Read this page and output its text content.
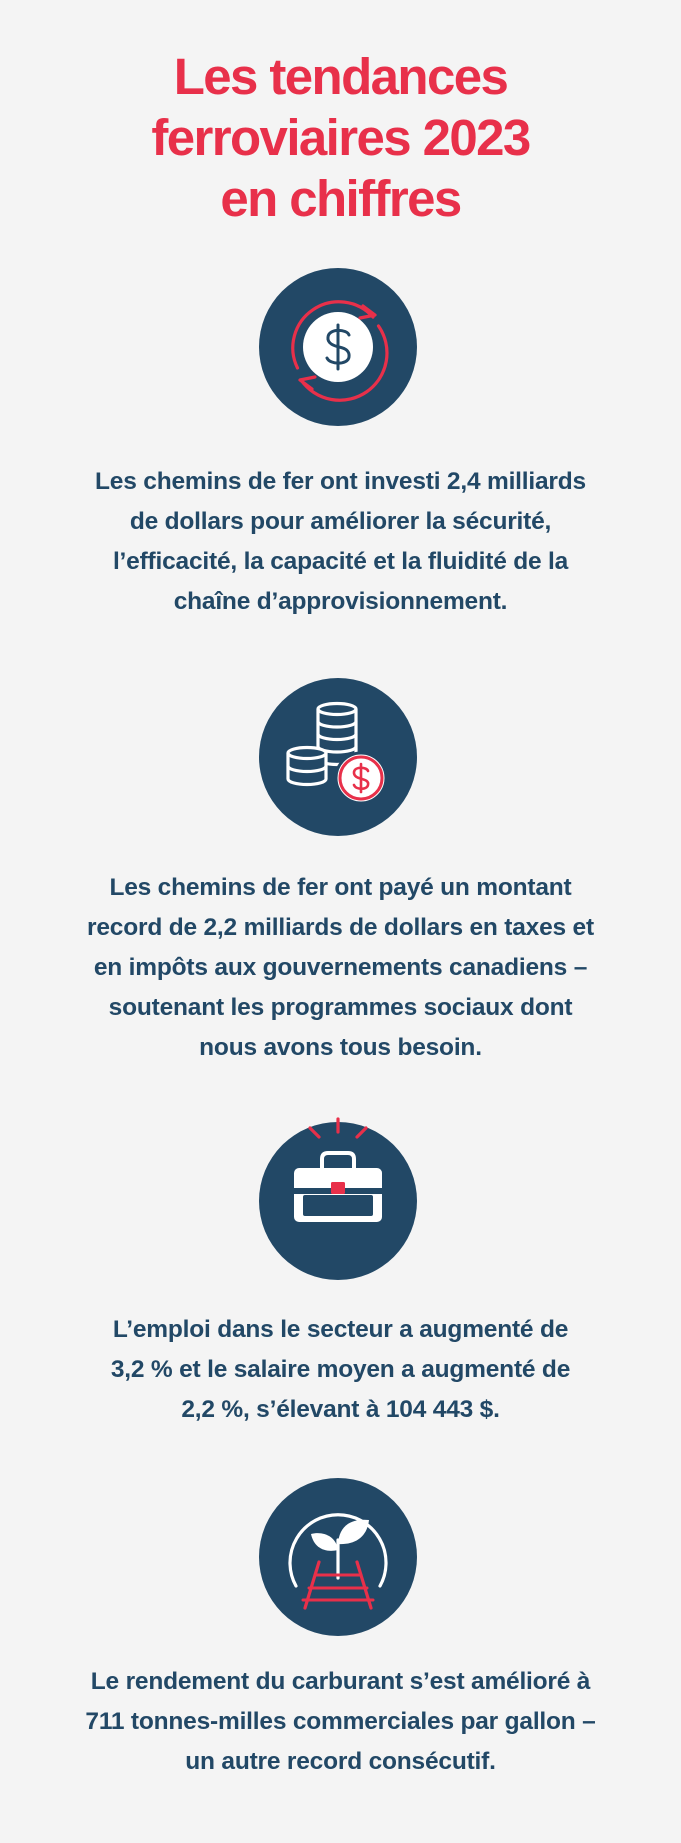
Les tendances
ferroviaires 2023
en chiffres

Les chemins de fer ont investi 2,4 milliards
de dollars pour améliorer la sécurité,
l’efficacité, la capacité et la fluidité de la
chaîne d’approvisionnement.

Les chemins de fer ont payé un montant
record de 2,2 milliards de dollars en taxes et
en impôts aux gouvernements canadiens –
soutenant les programmes sociaux dont
nous avons tous besoin.

L’emploi dans le secteur a augmenté de
3,2 % et le salaire moyen a augmenté de
2,2 %, s’élevant à 104 443 $.

Le rendement du carburant s’est amélioré à
711 tonnes-milles commerciales par gallon –
un autre record consécutif.
